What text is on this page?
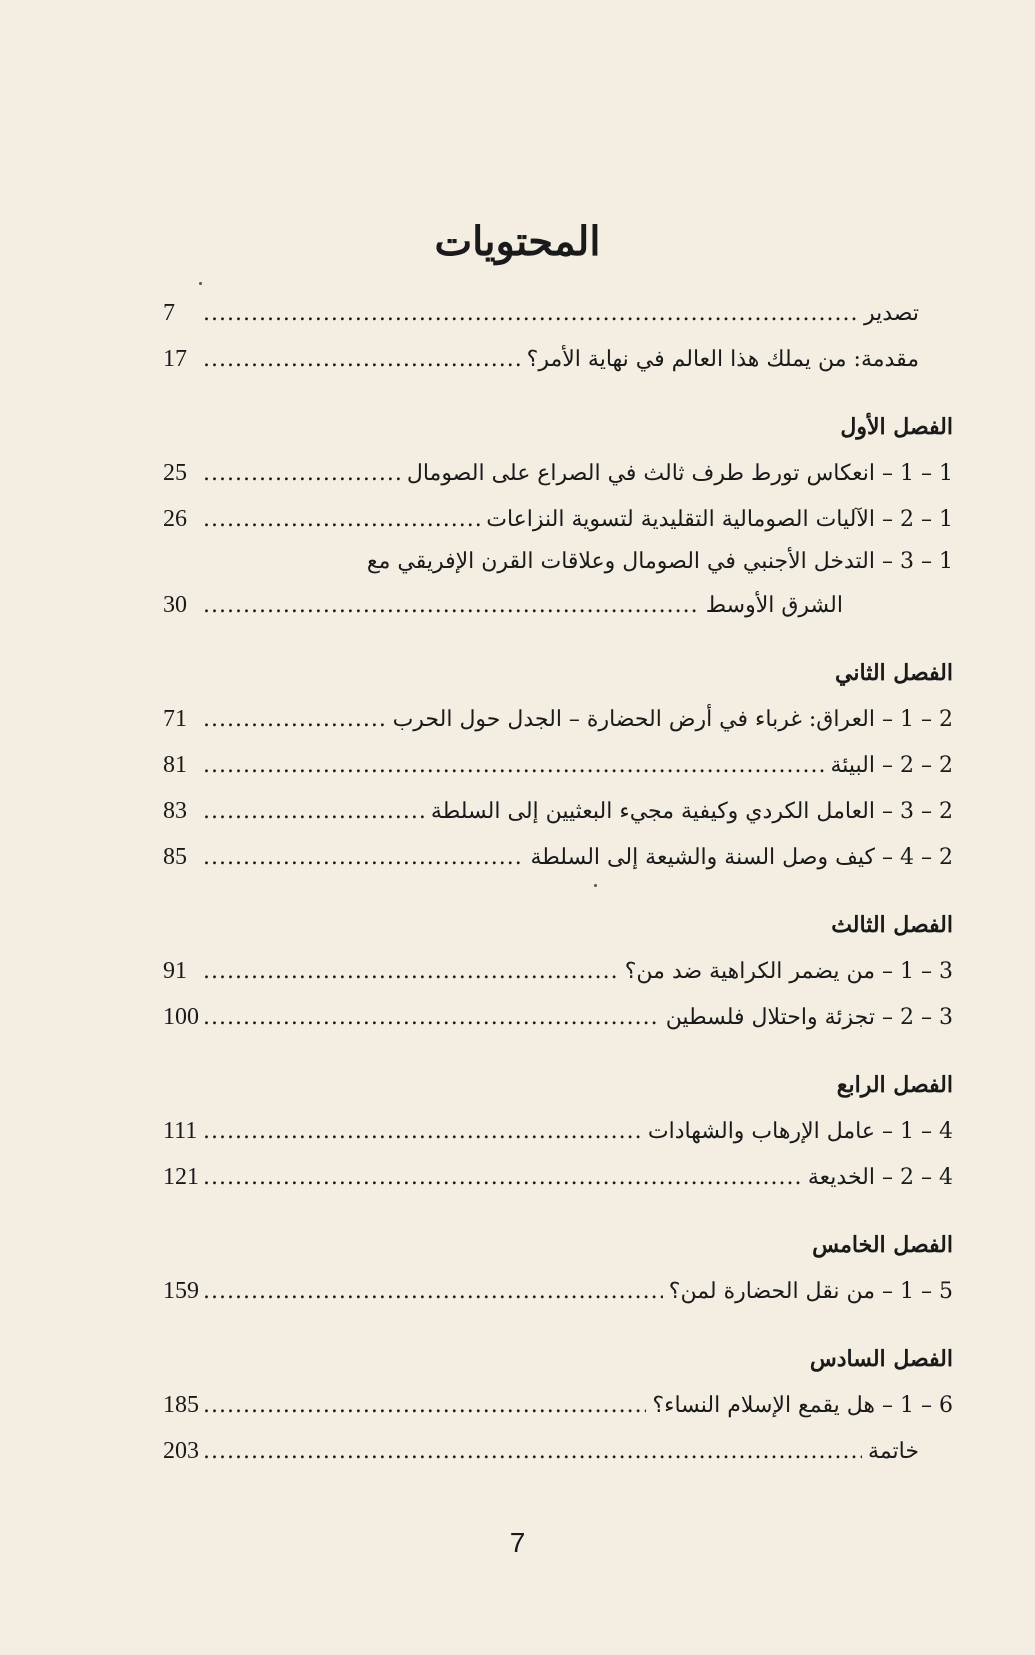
المحتويات
تصدير
.....
7
مقدمة: من يملك هذا العالم في نهاية الأمر؟
.....
17
الفصل الأول
1 – 1 – انعكاس تورط طرف ثالث في الصراع على الصومال
.....
25
1 – 2 – الآليات الصومالية التقليدية لتسوية النزاعات
.....
26
1 – 3 – التدخل الأجنبي في الصومال وعلاقات القرن الإفريقي مع
الشرق الأوسط
.....
30
الفصل الثاني
2 – 1 – العراق: غرباء في أرض الحضارة – الجدل حول الحرب
.....
71
2 – 2 – البيئة
.....
81
2 – 3 – العامل الكردي وكيفية مجيء البعثيين إلى السلطة
.....
83
2 – 4 – كيف وصل السنة والشيعة إلى السلطة
.....
85
الفصل الثالث
3 – 1 – من يضمر الكراهية ضد من؟
.....
91
3 – 2 – تجزئة واحتلال فلسطين
.....
100
الفصل الرابع
4 – 1 – عامل الإرهاب والشهادات
.....
111
4 – 2 – الخديعة
.....
121
الفصل الخامس
5 – 1 – من نقل الحضارة لمن؟
.....
159
الفصل السادس
6 – 1 – هل يقمع الإسلام النساء؟
.....
185
خاتمة
.....
203
7
